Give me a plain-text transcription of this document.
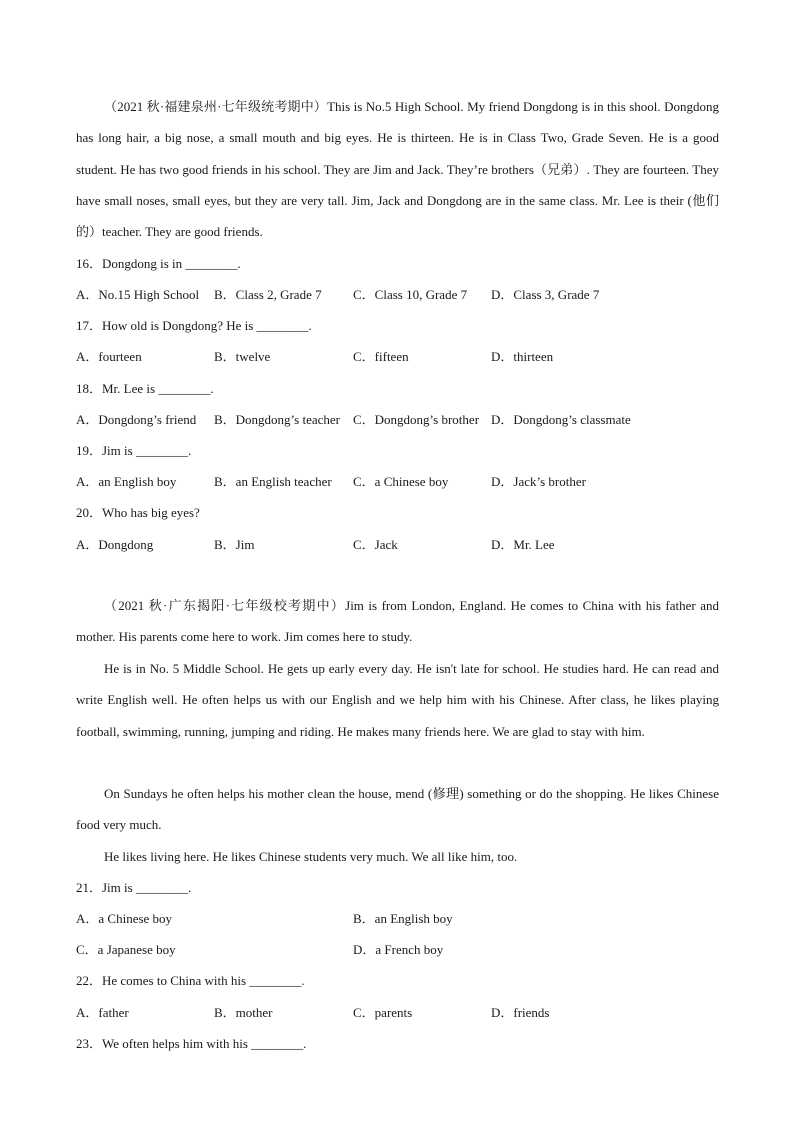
（2021 秋·福建泉州·七年级统考期中）This is No.5 High School. My friend Dongdong is in this shool. Dongdong has long hair, a big nose, a small mouth and big eyes. He is thirteen. He is in Class Two, Grade Seven. He is a good student. He has two good friends in his school. They are Jim and Jack. They’re brothers（兄弟）. They are fourteen. They have small noses, small eyes, but they are very tall. Jim, Jack and Dongdong are in the same class. Mr. Lee is their (他们的）teacher. They are good friends.

16．Dongdong is in ________.
A．No.15 High School B．Class 2, Grade 7 C．Class 10, Grade 7 D．Class 3, Grade 7
17．How old is Dongdong? He is ________.
A．fourteen	B．twelve	C．fifteen	D．thirteen
18．Mr. Lee is ________.
A．Dongdong’s friend B．Dongdong’s teacher C．Dongdong’s brother D．Dongdong’s classmate
19．Jim is ________.
A．an English boy	B．an English teacher C．a Chinese boy	D．Jack’s brother
20．Who has big eyes?
A．Dongdong	B．Jim	C．Jack	D．Mr. Lee

（2021 秋·广东揭阳·七年级校考期中）Jim is from London, England. He comes to China with his father and mother. His parents come here to work. Jim comes here to study.

He is in No. 5 Middle School. He gets up early every day. He isn't late for school. He studies hard. He can read and write English well. He often helps us with our English and we help him with his Chinese. After class, he likes playing football, swimming, running, jumping and riding. He makes many friends here. We are glad to stay with him.

On Sundays he often helps his mother clean the house, mend (修理) something or do the shopping. He likes Chinese food very much.

He likes living here. He likes Chinese students very much. We all like him, too.

21．Jim is ________.
A．a Chinese boy	B．an English boy
C．a Japanese boy	D．a French boy
22．He comes to China with his ________.
A．father	B．mother	C．parents	D．friends
23．We often helps him with his ________.
